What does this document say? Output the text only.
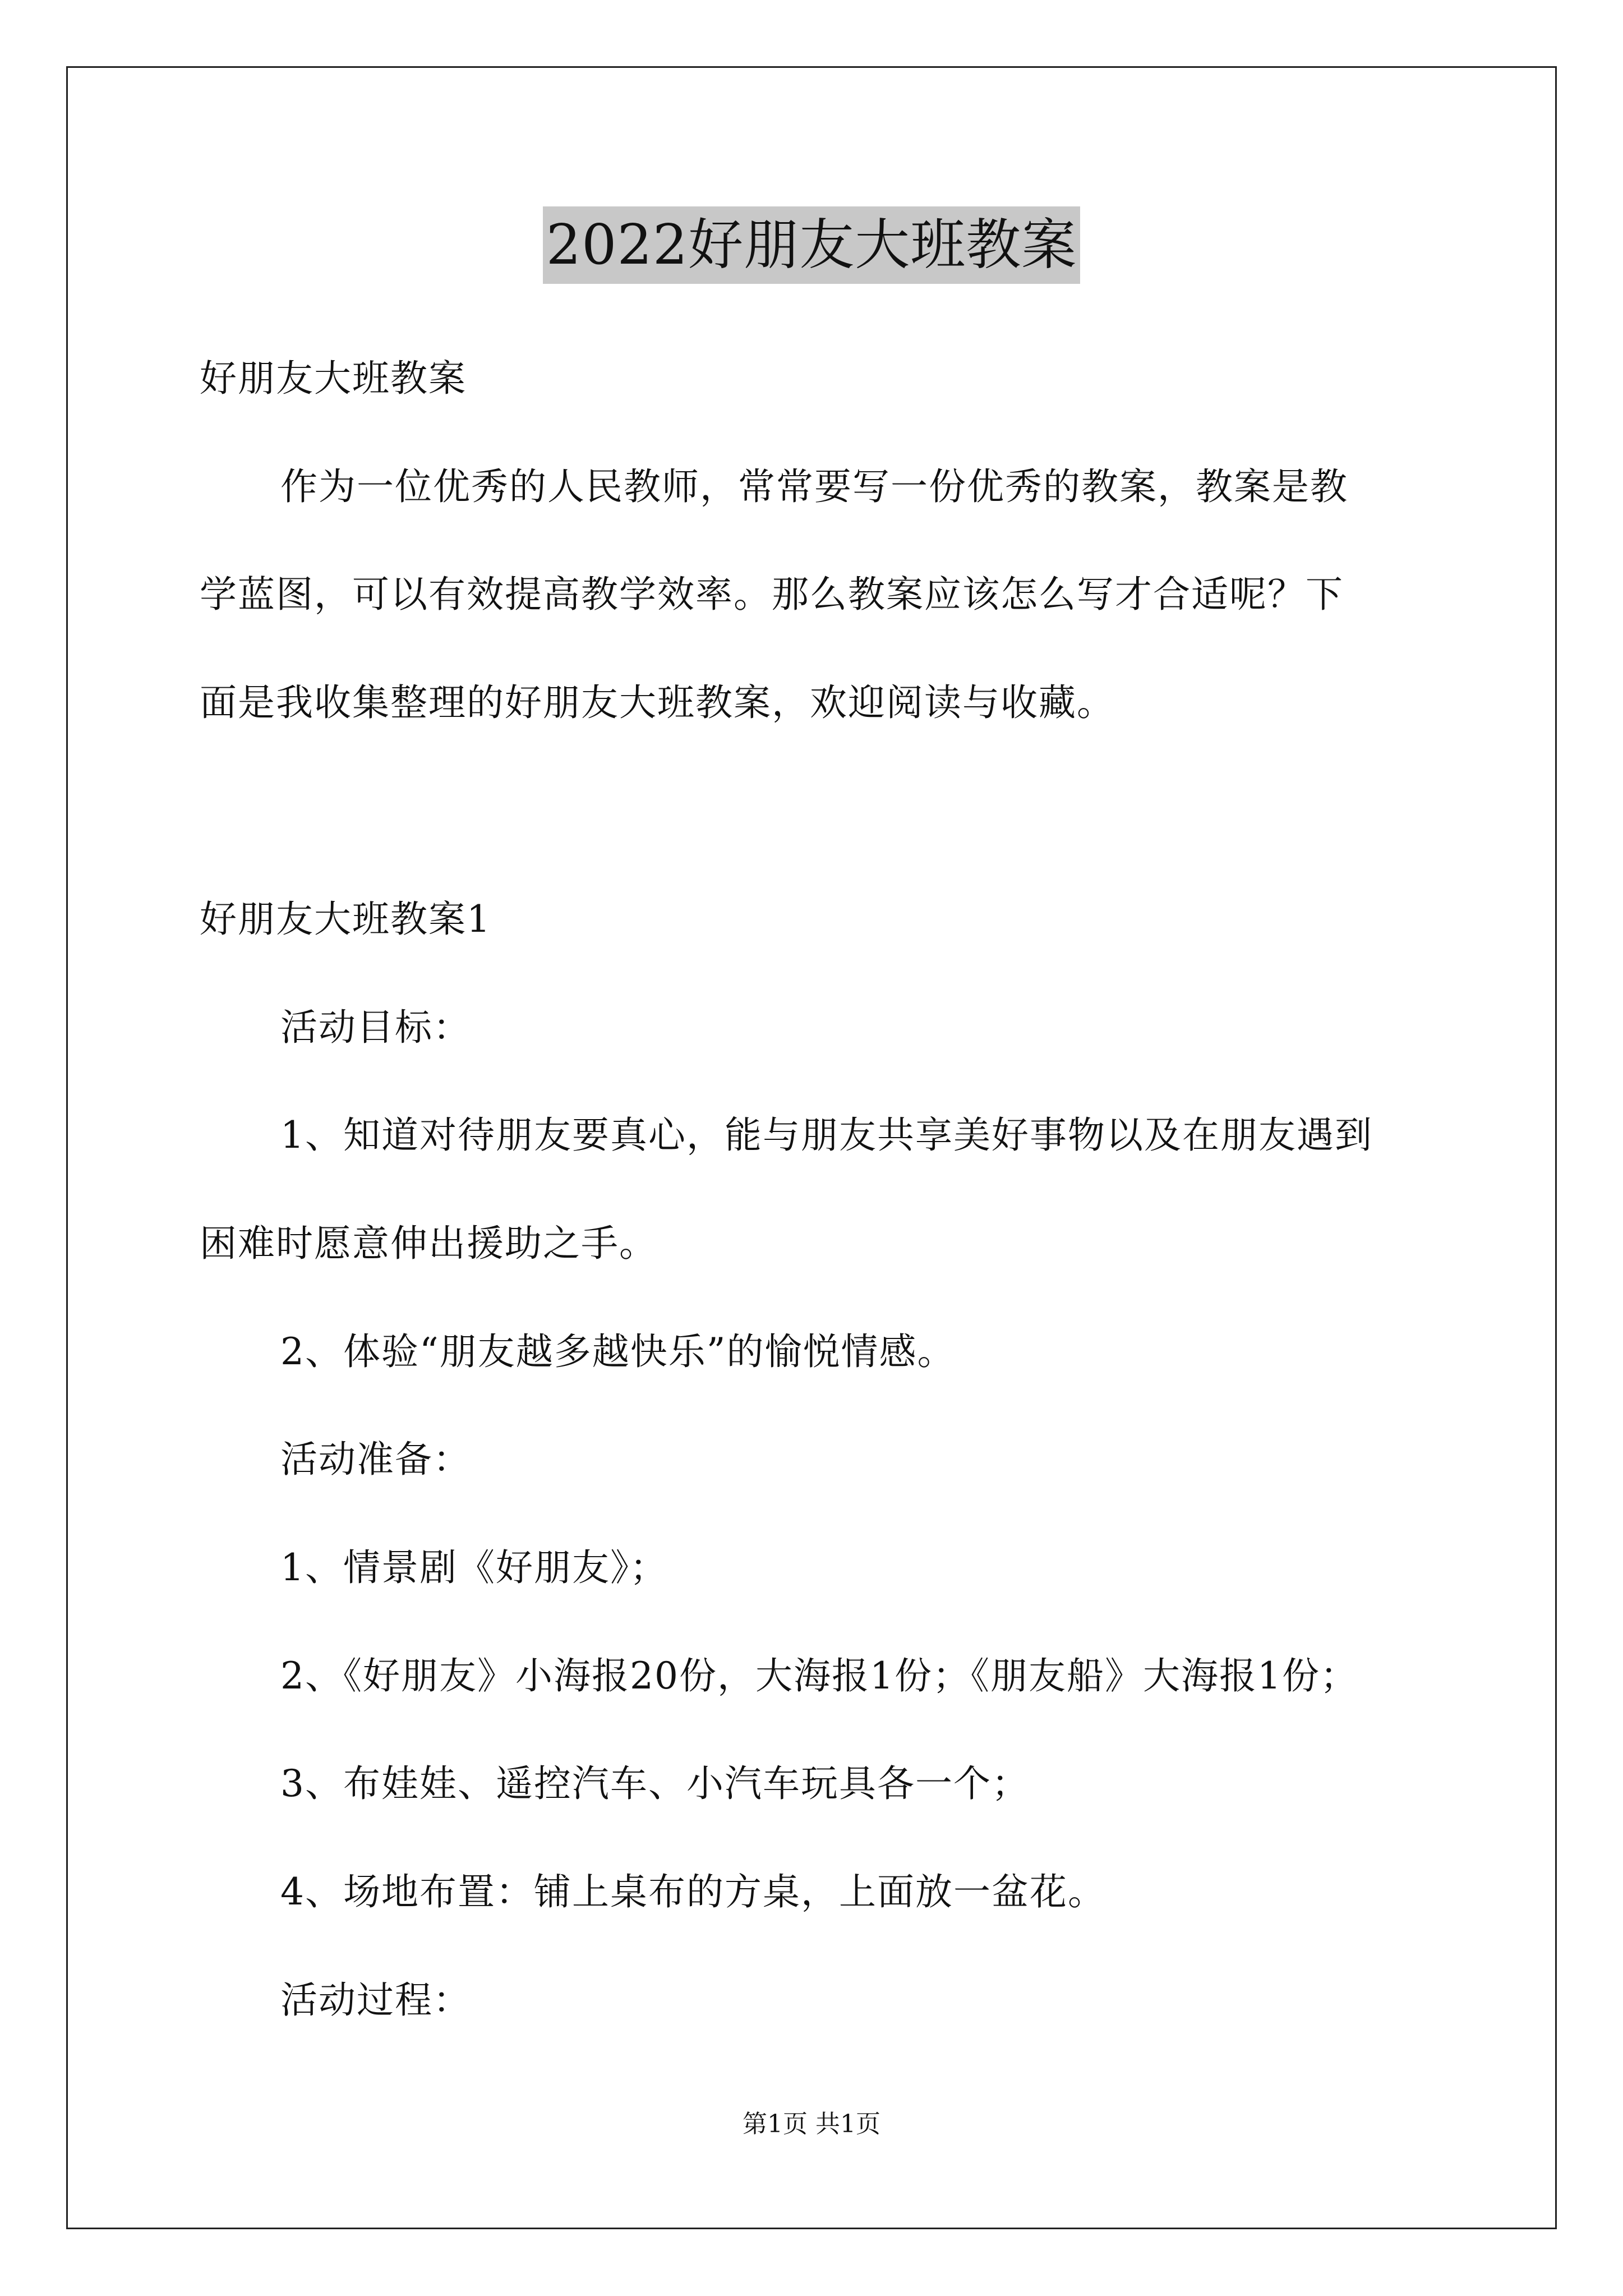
2022好朋友大班教案
好朋友大班教案
作为一位优秀的人民教师，常常要写一份优秀的教案，教案是教
学蓝图，可以有效提高教学效率。那么教案应该怎么写才合适呢？下
面是我收集整理的好朋友大班教案，欢迎阅读与收藏。
好朋友大班教案1
活动目标：
1、知道对待朋友要真心，能与朋友共享美好事物以及在朋友遇到
困难时愿意伸出援助之手。
2、体验“朋友越多越快乐”的愉悦情感。
活动准备：
1、情景剧《好朋友》；
2、《好朋友》小海报20份，大海报1份；《朋友船》大海报1份；
3、布娃娃、遥控汽车、小汽车玩具各一个；
4、场地布置：铺上桌布的方桌，上面放一盆花。
活动过程：
第1页 共1页
